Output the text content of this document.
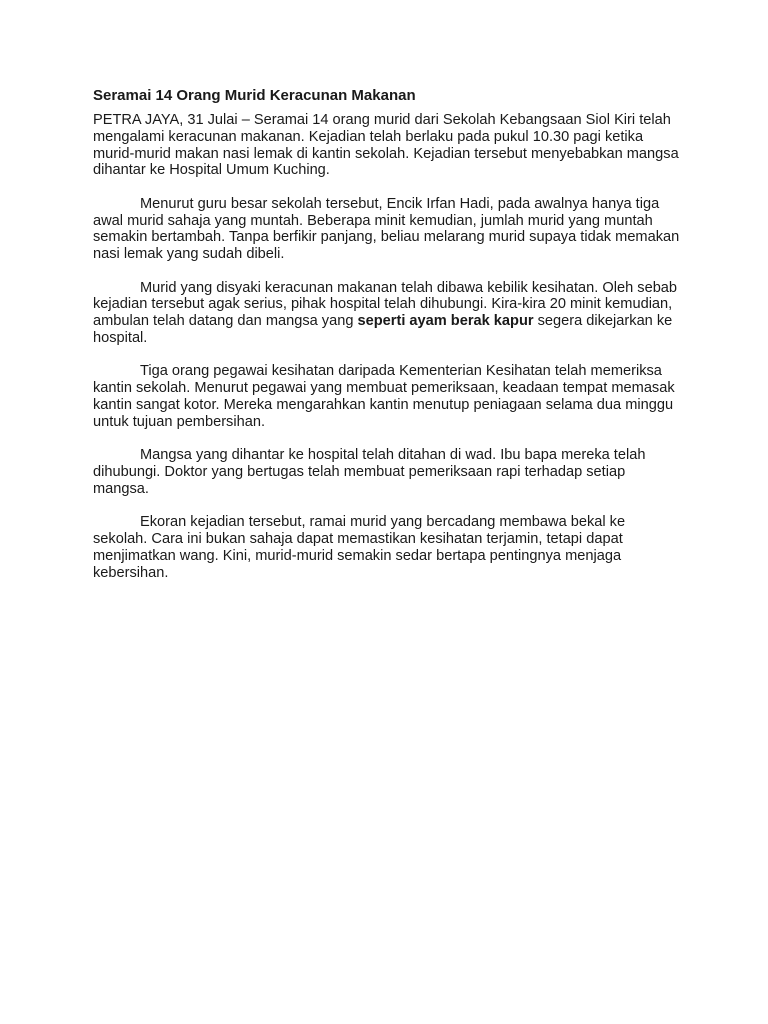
Seramai 14 Orang Murid Keracunan Makanan

PETRA JAYA, 31 Julai – Seramai 14 orang murid dari Sekolah Kebangsaan Siol Kiri telah mengalami keracunan makanan. Kejadian telah berlaku pada pukul 10.30 pagi ketika murid-murid makan nasi lemak di kantin sekolah. Kejadian tersebut menyebabkan mangsa dihantar ke Hospital Umum Kuching.

Menurut guru besar sekolah tersebut, Encik Irfan Hadi, pada awalnya hanya tiga awal murid sahaja yang muntah. Beberapa minit kemudian, jumlah murid yang muntah semakin bertambah. Tanpa berfikir panjang, beliau melarang murid supaya tidak memakan nasi lemak yang sudah dibeli.

Murid yang disyaki keracunan makanan telah dibawa kebilik kesihatan. Oleh sebab kejadian tersebut agak serius, pihak hospital telah dihubungi. Kira-kira 20 minit kemudian, ambulan telah datang dan mangsa yang seperti ayam berak kapur segera dikejarkan ke hospital.

Tiga orang pegawai kesihatan daripada Kementerian Kesihatan telah memeriksa kantin sekolah. Menurut pegawai yang membuat pemeriksaan, keadaan tempat memasak kantin sangat kotor. Mereka mengarahkan kantin menutup peniagaan selama dua minggu untuk tujuan pembersihan.

Mangsa yang dihantar ke hospital telah ditahan di wad. Ibu bapa mereka telah dihubungi. Doktor yang bertugas telah membuat pemeriksaan rapi terhadap setiap mangsa.

Ekoran kejadian tersebut, ramai murid yang bercadang membawa bekal ke sekolah. Cara ini bukan sahaja dapat memastikan kesihatan terjamin, tetapi dapat menjimatkan wang. Kini, murid-murid semakin sedar bertapa pentingnya menjaga kebersihan.
